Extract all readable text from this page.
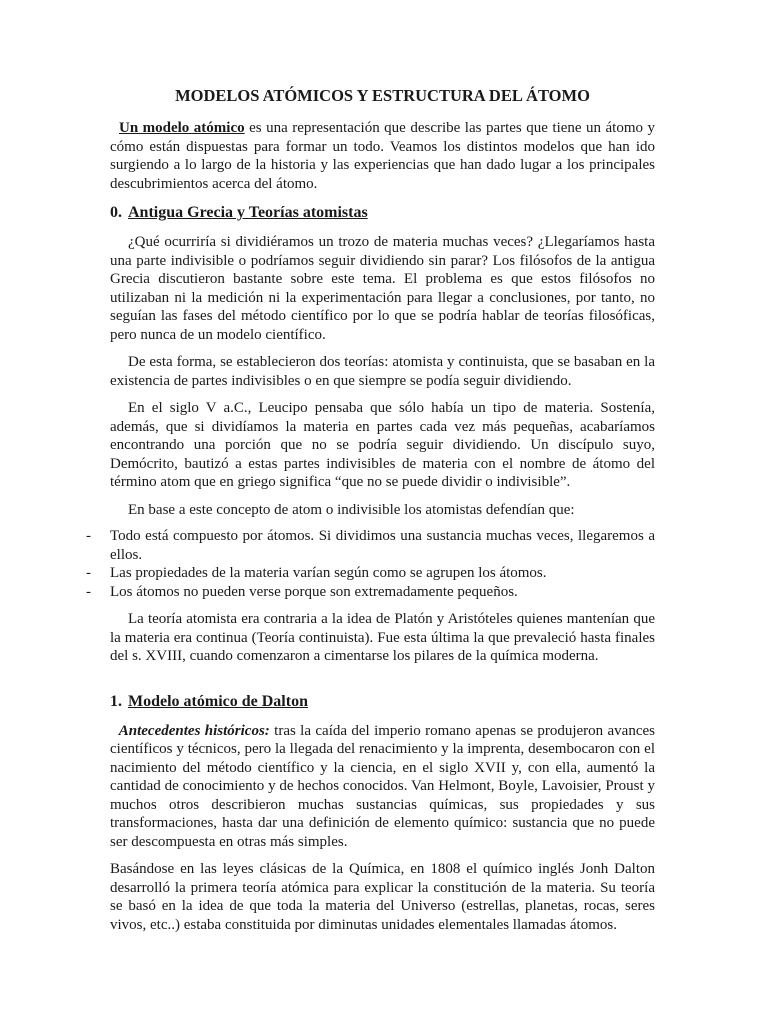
MODELOS ATÓMICOS Y ESTRUCTURA DEL ÁTOMO

Un modelo atómico es una representación que describe las partes que tiene un átomo y cómo están dispuestas para formar un todo. Veamos los distintos modelos que han ido surgiendo a lo largo de la historia y las experiencias que han dado lugar a los principales descubrimientos acerca del átomo.

0. Antigua Grecia y Teorías atomistas

¿Qué ocurriría si dividiéramos un trozo de materia muchas veces? ¿Llegaríamos hasta una parte indivisible o podríamos seguir dividiendo sin parar? Los filósofos de la antigua Grecia discutieron bastante sobre este tema. El problema es que estos filósofos no utilizaban ni la medición ni la experimentación para llegar a conclusiones, por tanto, no seguían las fases del método científico por lo que se podría hablar de teorías filosóficas, pero nunca de un modelo científico.

De esta forma, se establecieron dos teorías: atomista y continuista, que se basaban en la existencia de partes indivisibles o en que siempre se podía seguir dividiendo.

En el siglo V a.C., Leucipo pensaba que sólo había un tipo de materia. Sostenía, además, que si dividíamos la materia en partes cada vez más pequeñas, acabaríamos encontrando una porción que no se podría seguir dividiendo. Un discípulo suyo, Demócrito, bautizó a estas partes indivisibles de materia con el nombre de átomo del término atom que en griego significa “que no se puede dividir o indivisible”.

En base a este concepto de atom o indivisible los atomistas defendían que:

- Todo está compuesto por átomos. Si dividimos una sustancia muchas veces, llegaremos a ellos.
- Las propiedades de la materia varían según como se agrupen los átomos.
- Los átomos no pueden verse porque son extremadamente pequeños.

La teoría atomista era contraria a la idea de Platón y Aristóteles quienes mantenían que la materia era continua (Teoría continuista). Fue esta última la que prevaleció hasta finales del s. XVIII, cuando comenzaron a cimentarse los pilares de la química moderna.

1. Modelo atómico de Dalton

Antecedentes históricos: tras la caída del imperio romano apenas se produjeron avances científicos y técnicos, pero la llegada del renacimiento y la imprenta, desembocaron con el nacimiento del método científico y la ciencia, en el siglo XVII y, con ella, aumentó la cantidad de conocimiento y de hechos conocidos. Van Helmont, Boyle, Lavoisier, Proust y muchos otros describieron muchas sustancias químicas, sus propiedades y sus transformaciones, hasta dar una definición de elemento químico: sustancia que no puede ser descompuesta en otras más simples.

Basándose en las leyes clásicas de la Química, en 1808 el químico inglés Jonh Dalton desarrolló la primera teoría atómica para explicar la constitución de la materia. Su teoría se basó en la idea de que toda la materia del Universo (estrellas, planetas, rocas, seres vivos, etc..) estaba constituida por diminutas unidades elementales llamadas átomos.
